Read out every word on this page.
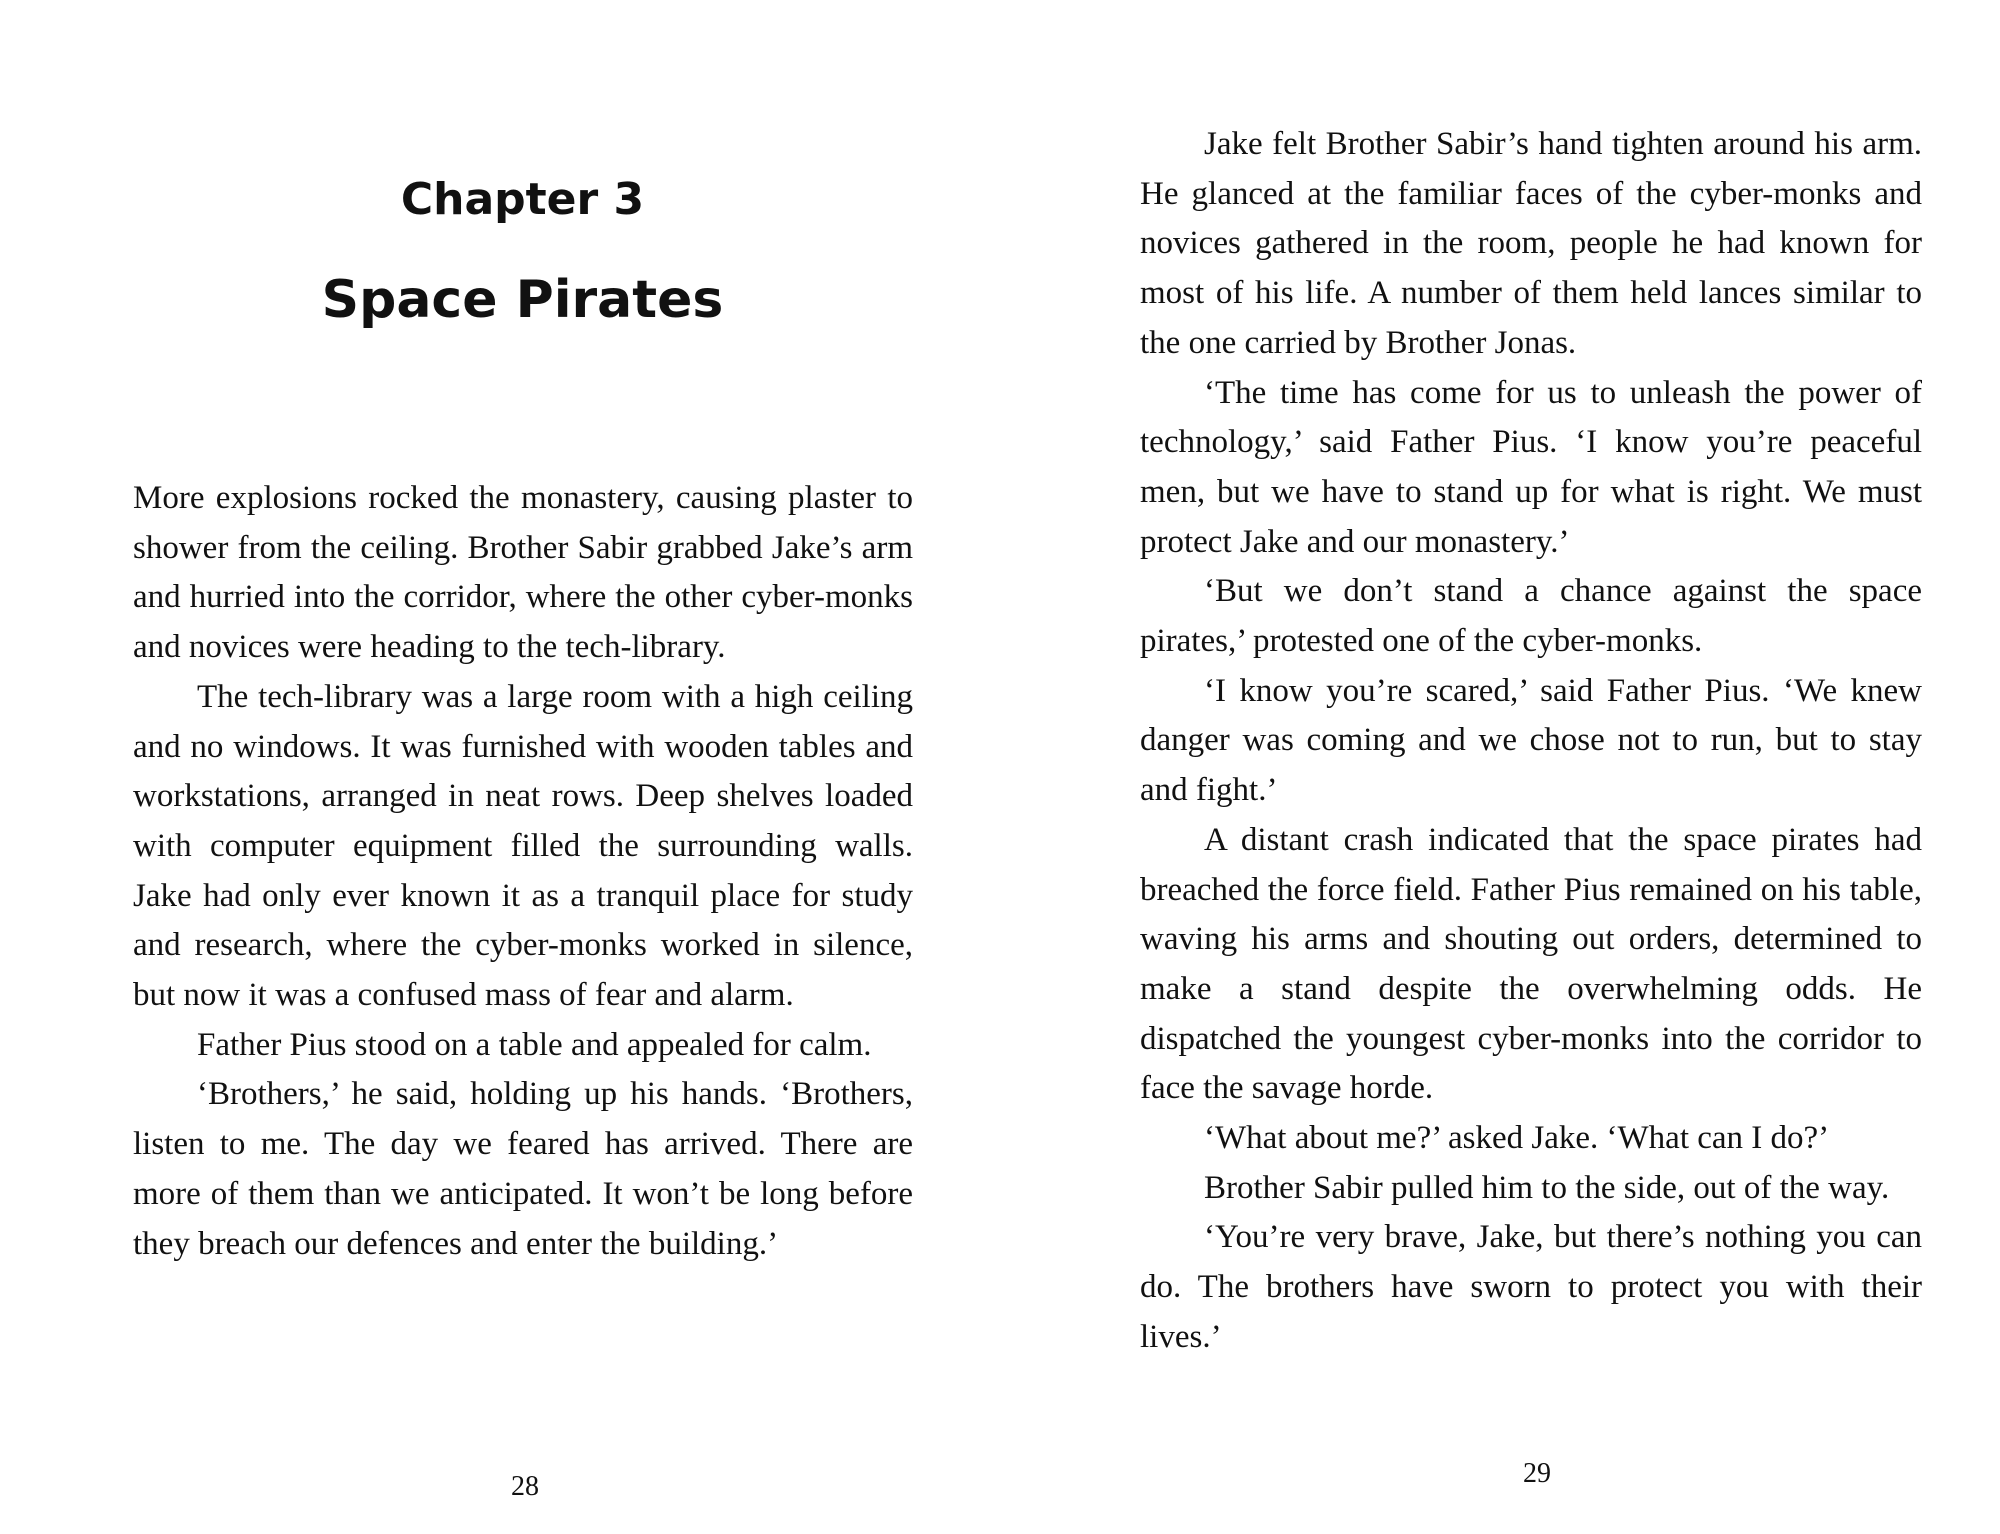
Chapter 3
Space Pirates

More explosions rocked the monastery, causing plaster to shower from the ceiling. Brother Sabir grabbed Jake’s arm and hurried into the corridor, where the other cyber-monks and novices were heading to the tech-library.

The tech-library was a large room with a high ceiling and no windows. It was furnished with wooden tables and workstations, arranged in neat rows. Deep shelves loaded with computer equipment filled the surrounding walls. Jake had only ever known it as a tranquil place for study and research, where the cyber-monks worked in silence, but now it was a confused mass of fear and alarm.

Father Pius stood on a table and appealed for calm.

‘Brothers,’ he said, holding up his hands. ‘Brothers, listen to me. The day we feared has arrived. There are more of them than we anticipated. It won’t be long before they breach our defences and enter the building.’

28

Jake felt Brother Sabir’s hand tighten around his arm. He glanced at the familiar faces of the cyber-monks and novices gathered in the room, people he had known for most of his life. A number of them held lances similar to the one carried by Brother Jonas.

‘The time has come for us to unleash the power of technology,’ said Father Pius. ‘I know you’re peaceful men, but we have to stand up for what is right. We must protect Jake and our monastery.’

‘But we don’t stand a chance against the space pirates,’ protested one of the cyber-monks.

‘I know you’re scared,’ said Father Pius. ‘We knew danger was coming and we chose not to run, but to stay and fight.’

A distant crash indicated that the space pirates had breached the force field. Father Pius remained on his table, waving his arms and shouting out orders, determined to make a stand despite the overwhelming odds. He dispatched the youngest cyber-monks into the corridor to face the savage horde.

‘What about me?’ asked Jake. ‘What can I do?’

Brother Sabir pulled him to the side, out of the way.

‘You’re very brave, Jake, but there’s nothing you can do. The brothers have sworn to protect you with their lives.’

29
